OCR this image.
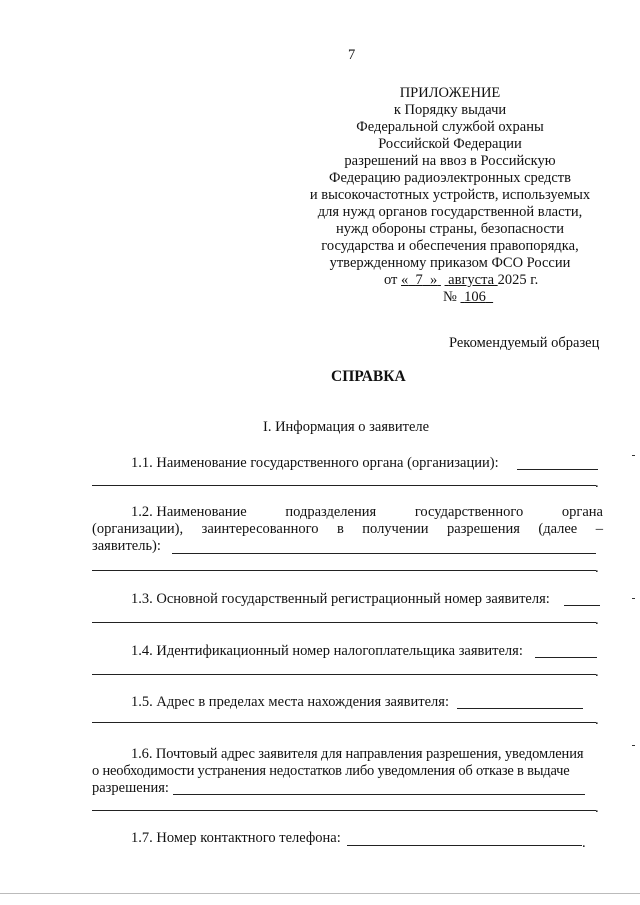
7
ПРИЛОЖЕНИЕ
к Порядку выдачи
Федеральной службой охраны
Российской Федерации
разрешений на ввоз в Российскую
Федерацию радиоэлектронных средств
и высокочастотных устройств, используемых
для нужд органов государственной власти,
нужд обороны страны, безопасности
государства и обеспечения правопорядка,
утвержденному приказом ФСО России
от « 7 » августа 2025 г.
№ 106
Рекомендуемый образец
СПРАВКА
I. Информация о заявителе
1.1. Наименование государственного органа (организации):
.
1.2. Наименование	подразделения	государственного	органа
(организации), заинтересованного в получении разрешения (далее –
заявитель):
.
1.3. Основной государственный регистрационный номер заявителя:
.
1.4. Идентификационный номер налогоплательщика заявителя:
.
1.5. Адрес в пределах места нахождения заявителя:
.
1.6. Почтовый адрес заявителя для направления разрешения, уведомления
о необходимости устранения недостатков либо уведомления об отказе в выдаче
разрешения:
.
1.7. Номер контактного телефона:	.
